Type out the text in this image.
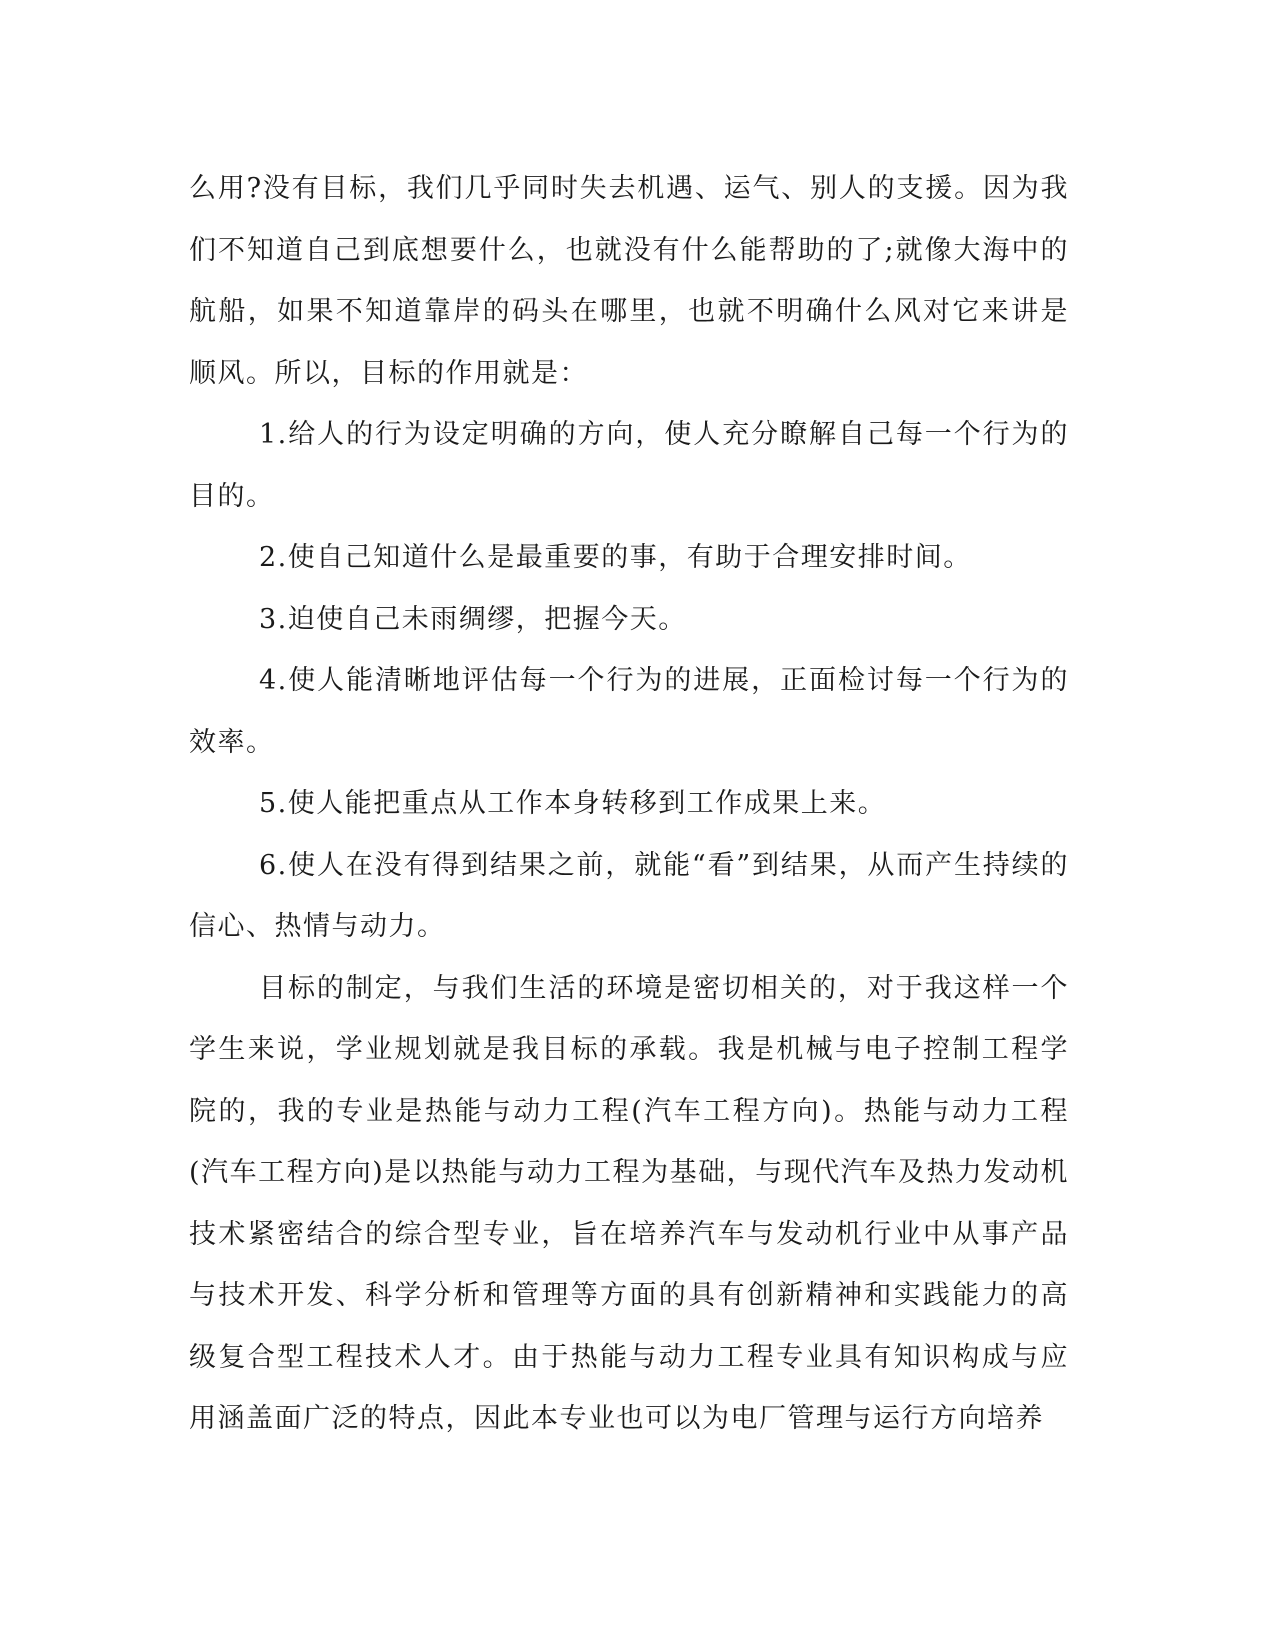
么用?没有目标，我们几乎同时失去机遇、运气、别人的支援。因为我们不知道自己到底想要什么，也就没有什么能帮助的了;就像大海中的航船，如果不知道靠岸的码头在哪里，也就不明确什么风对它来讲是顺风。所以，目标的作用就是：

1.给人的行为设定明确的方向，使人充分瞭解自己每一个行为的目的。

2.使自己知道什么是最重要的事，有助于合理安排时间。

3.迫使自己未雨绸缪，把握今天。

4.使人能清晰地评估每一个行为的进展，正面检讨每一个行为的效率。

5.使人能把重点从工作本身转移到工作成果上来。

6.使人在没有得到结果之前，就能“看”到结果，从而产生持续的信心、热情与动力。

目标的制定，与我们生活的环境是密切相关的，对于我这样一个学生来说，学业规划就是我目标的承载。我是机械与电子控制工程学院的，我的专业是热能与动力工程(汽车工程方向)。热能与动力工程(汽车工程方向)是以热能与动力工程为基础，与现代汽车及热力发动机技术紧密结合的综合型专业，旨在培养汽车与发动机行业中从事产品与技术开发、科学分析和管理等方面的具有创新精神和实践能力的高级复合型工程技术人才。由于热能与动力工程专业具有知识构成与应用涵盖面广泛的特点，因此本专业也可以为电厂管理与运行方向培养
